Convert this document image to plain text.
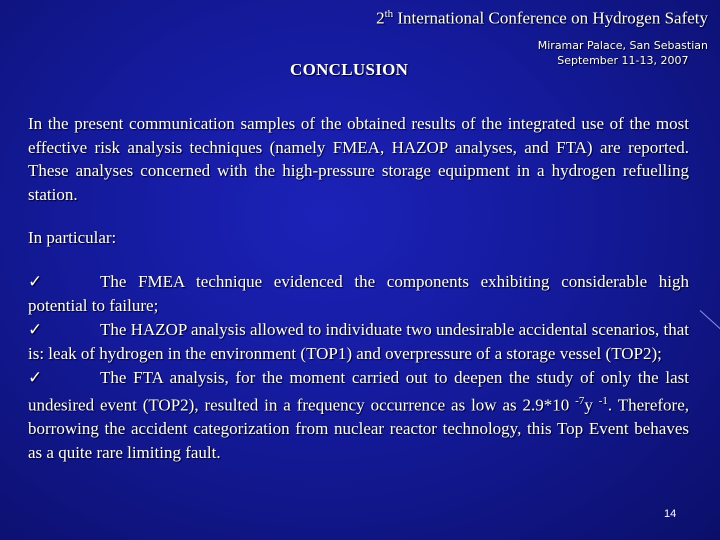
2th International Conference on Hydrogen Safety
Miramar Palace, San Sebastian
September 11-13, 2007
CONCLUSION

In the present communication samples of the obtained results of the integrated use of the most effective risk analysis techniques (namely FMEA, HAZOP analyses, and FTA) are reported. These analyses concerned with the high-pressure storage equipment in a hydrogen refuelling station.

In particular:

✓	The FMEA technique evidenced the components exhibiting considerable high potential to failure;

✓	The HAZOP analysis allowed to individuate two undesirable accidental scenarios, that is: leak of hydrogen in the environment (TOP1) and overpressure of a storage vessel (TOP2);

✓	The FTA analysis, for the moment carried out to deepen the study of only the last undesired event (TOP2), resulted in a frequency occurrence as low as 2.9*10 $^{-7}$y $^{-1}$. Therefore, borrowing the accident categorization from nuclear reactor technology, this Top Event behaves as a quite rare limiting fault.

14
